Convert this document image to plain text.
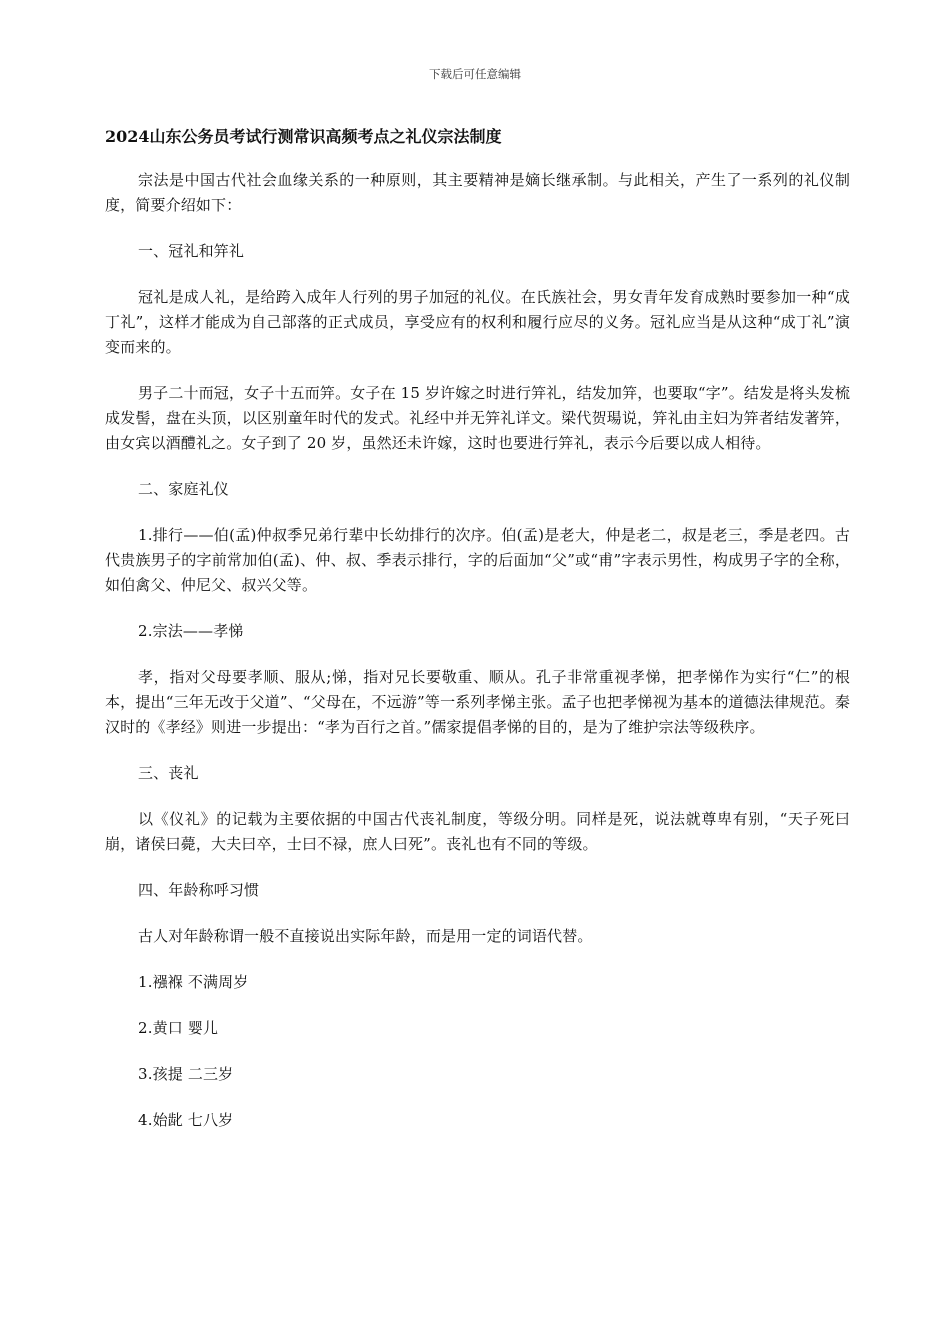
下载后可任意编辑
2024山东公务员考试行测常识高频考点之礼仪宗法制度

宗法是中国古代社会血缘关系的一种原则，其主要精神是嫡长继承制。与此相关，产生了一系列的礼仪制度，简要介绍如下：

一、冠礼和笄礼

冠礼是成人礼，是给跨入成年人行列的男子加冠的礼仪。在氏族社会，男女青年发育成熟时要参加一种“成丁礼”，这样才能成为自己部落的正式成员，享受应有的权利和履行应尽的义务。冠礼应当是从这种“成丁礼”演变而来的。

男子二十而冠，女子十五而笄。女子在 15 岁许嫁之时进行笄礼，结发加笄，也要取“字”。结发是将头发梳成发髻，盘在头顶，以区别童年时代的发式。礼经中并无笄礼详文。梁代贺瑒说，笄礼由主妇为笄者结发著笄，由女宾以酒醴礼之。女子到了 20 岁，虽然还未许嫁，这时也要进行笄礼，表示今后要以成人相待。

二、家庭礼仪

1.排行——伯(孟)仲叔季兄弟行辈中长幼排行的次序。伯(孟)是老大，仲是老二，叔是老三，季是老四。古代贵族男子的字前常加伯(孟)、仲、叔、季表示排行，字的后面加“父”或“甫”字表示男性，构成男子字的全称，如伯禽父、仲尼父、叔兴父等。

2.宗法——孝悌

孝，指对父母要孝顺、服从;悌，指对兄长要敬重、顺从。孔子非常重视孝悌，把孝悌作为实行“仁”的根本，提出“三年无改于父道”、“父母在，不远游”等一系列孝悌主张。孟子也把孝悌视为基本的道德法律规范。秦汉时的《孝经》则进一步提出：“孝为百行之首。”儒家提倡孝悌的目的，是为了维护宗法等级秩序。

三、丧礼

以《仪礼》的记载为主要依据的中国古代丧礼制度，等级分明。同样是死，说法就尊卑有别，“天子死曰崩，诸侯曰薨，大夫曰卒，士曰不禄，庶人曰死”。丧礼也有不同的等级。

四、年龄称呼习惯

古人对年龄称谓一般不直接说出实际年龄，而是用一定的词语代替。

1.襁褓 不满周岁

2.黄口 婴儿

3.孩提 二三岁

4.始龀 七八岁
